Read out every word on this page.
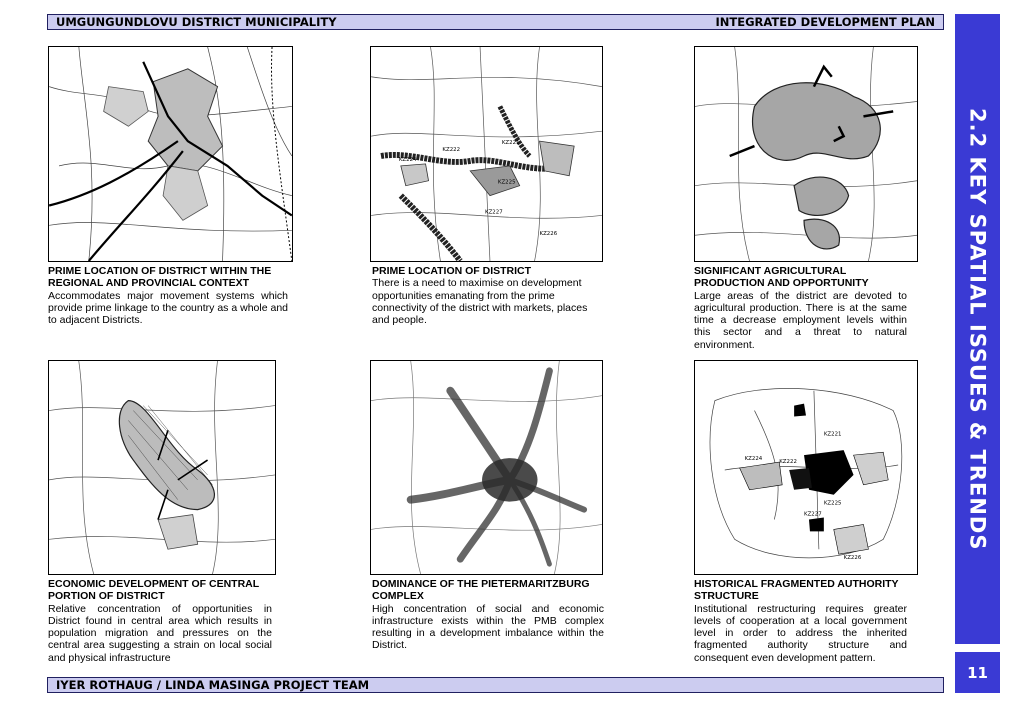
UMGUNGUNDLOVU DISTRICT MUNICIPALITY	INTEGRATED DEVELOPMENT PLAN
2.2 KEY SPATIAL ISSUES & TRENDS
11
KZ221
KZ222
KZ224
KZ225
KZ227
KZ226
PRIME LOCATION OF DISTRICT WITHIN THE REGIONAL AND PROVINCIAL CONTEXT
Accommodates major movement systems which provide prime linkage to the country as a whole and to adjacent Districts.
PRIME LOCATION OF DISTRICT
There is a need to maximise on development opportunities emanating from the prime connectivity of the district with markets, places and people.
SIGNIFICANT AGRICULTURAL PRODUCTION AND OPPORTUNITY
Large areas of the district are devoted to agricultural production. There is at the same time a decrease employment levels within this sector and a threat to natural environment.
KZ221
KZ224	KZ222
KZ225
KZ227
KZ226
ECONOMIC DEVELOPMENT OF CENTRAL PORTION OF DISTRICT
Relative concentration of opportunities in District found in central area which results in population migration and pressures on the central area suggesting a strain on local social and physical infrastructure
DOMINANCE OF THE PIETERMARITZBURG COMPLEX
High concentration of social and economic infrastructure exists within the PMB complex resulting in a development imbalance within the District.
HISTORICAL FRAGMENTED AUTHORITY STRUCTURE
Institutional restructuring requires greater levels of cooperation at a local government level in order to address the inherited fragmented authority structure and consequent even development pattern.
IYER ROTHAUG / LINDA MASINGA PROJECT TEAM
